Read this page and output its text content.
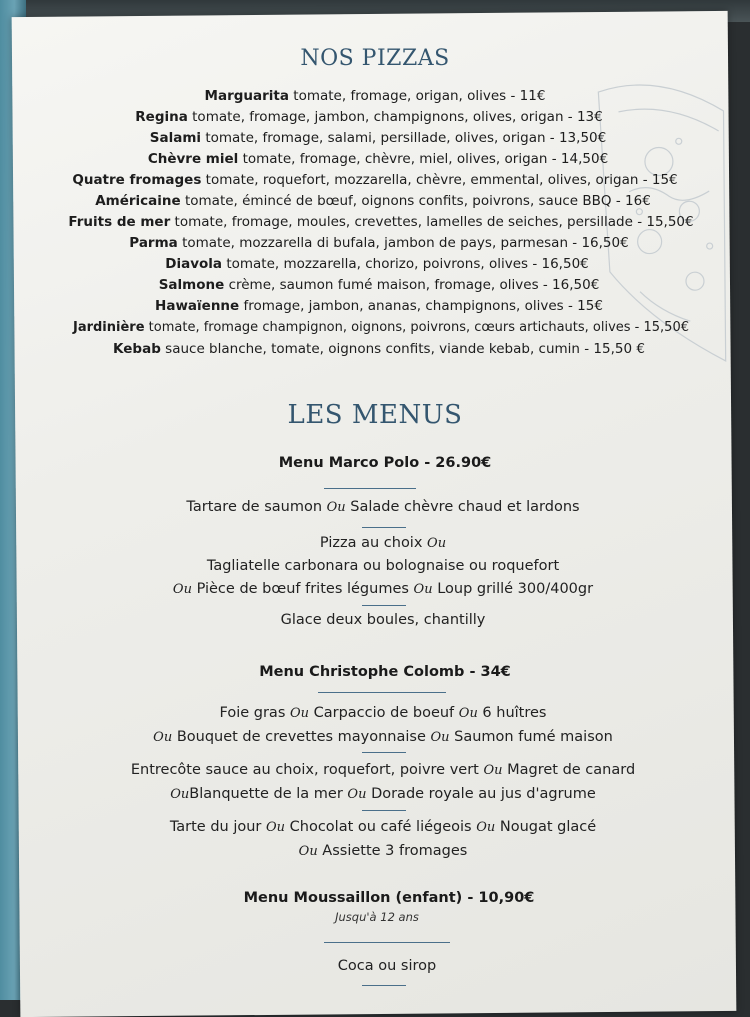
NOS PIZZAS
Marguarita tomate, fromage, origan, olives - 11€
Regina tomate, fromage, jambon, champignons, olives, origan - 13€
Salami tomate, fromage, salami, persillade, olives, origan - 13,50€
Chèvre miel tomate, fromage, chèvre, miel, olives, origan - 14,50€
Quatre fromages tomate, roquefort, mozzarella, chèvre, emmental, olives, origan - 15€
Américaine tomate, émincé de bœuf, oignons confits, poivrons, sauce BBQ - 16€
Fruits de mer tomate, fromage, moules, crevettes, lamelles de seiches, persillade - 15,50€
Parma tomate, mozzarella di bufala, jambon de pays, parmesan - 16,50€
Diavola tomate, mozzarella, chorizo, poivrons, olives - 16,50€
Salmone crème, saumon fumé maison, fromage, olives - 16,50€
Hawaïenne fromage, jambon, ananas, champignons, olives - 15€
Jardinière tomate, fromage champignon, oignons, poivrons, cœurs artichauts, olives - 15,50€
Kebab sauce blanche, tomate, oignons confits, viande kebab, cumin - 15,50 €
LES MENUS
Menu Marco Polo - 26.90€
Tartare de saumon Ou Salade chèvre chaud et lardons
Pizza au choix Ou
Tagliatelle carbonara ou bolognaise ou roquefort
Ou Pièce de bœuf frites légumes Ou Loup grillé 300/400gr
Glace deux boules, chantilly
Menu Christophe Colomb - 34€
Foie gras Ou Carpaccio de boeuf Ou 6 huîtres
Ou Bouquet de crevettes mayonnaise Ou Saumon fumé maison
Entrecôte sauce au choix, roquefort, poivre vert Ou Magret de canard
OuBlanquette de la mer Ou Dorade royale au jus d'agrume
Tarte du jour Ou Chocolat ou café liégeois Ou Nougat glacé
Ou Assiette 3 fromages
Menu Moussaillon (enfant) - 10,90€
Jusqu'à 12 ans
Coca ou sirop
